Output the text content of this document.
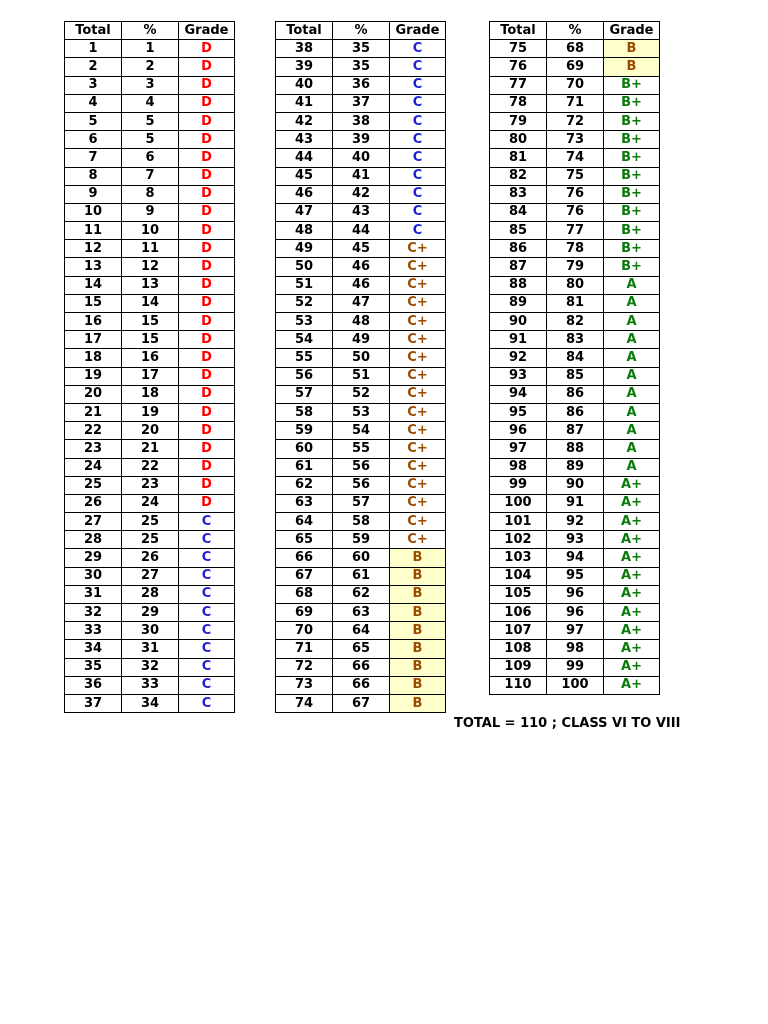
Total	%	Grade
1	1	D
2	2	D
3	3	D
4	4	D
5	5	D
6	5	D
7	6	D
8	7	D
9	8	D
10	9	D
11	10	D
12	11	D
13	12	D
14	13	D
15	14	D
16	15	D
17	15	D
18	16	D
19	17	D
20	18	D
21	19	D
22	20	D
23	21	D
24	22	D
25	23	D
26	24	D
27	25	C
28	25	C
29	26	C
30	27	C
31	28	C
32	29	C
33	30	C
34	31	C
35	32	C
36	33	C
37	34	C
Total	%	Grade
38	35	C
39	35	C
40	36	C
41	37	C
42	38	C
43	39	C
44	40	C
45	41	C
46	42	C
47	43	C
48	44	C
49	45	C+
50	46	C+
51	46	C+
52	47	C+
53	48	C+
54	49	C+
55	50	C+
56	51	C+
57	52	C+
58	53	C+
59	54	C+
60	55	C+
61	56	C+
62	56	C+
63	57	C+
64	58	C+
65	59	C+
66	60	B
67	61	B
68	62	B
69	63	B
70	64	B
71	65	B
72	66	B
73	66	B
74	67	B
Total	%	Grade
75	68	B
76	69	B
77	70	B+
78	71	B+
79	72	B+
80	73	B+
81	74	B+
82	75	B+
83	76	B+
84	76	B+
85	77	B+
86	78	B+
87	79	B+
88	80	A
89	81	A
90	82	A
91	83	A
92	84	A
93	85	A
94	86	A
95	86	A
96	87	A
97	88	A
98	89	A
99	90	A+
100	91	A+
101	92	A+
102	93	A+
103	94	A+
104	95	A+
105	96	A+
106	96	A+
107	97	A+
108	98	A+
109	99	A+
110	100	A+
TOTAL = 110 ; CLASS VI TO VIII
